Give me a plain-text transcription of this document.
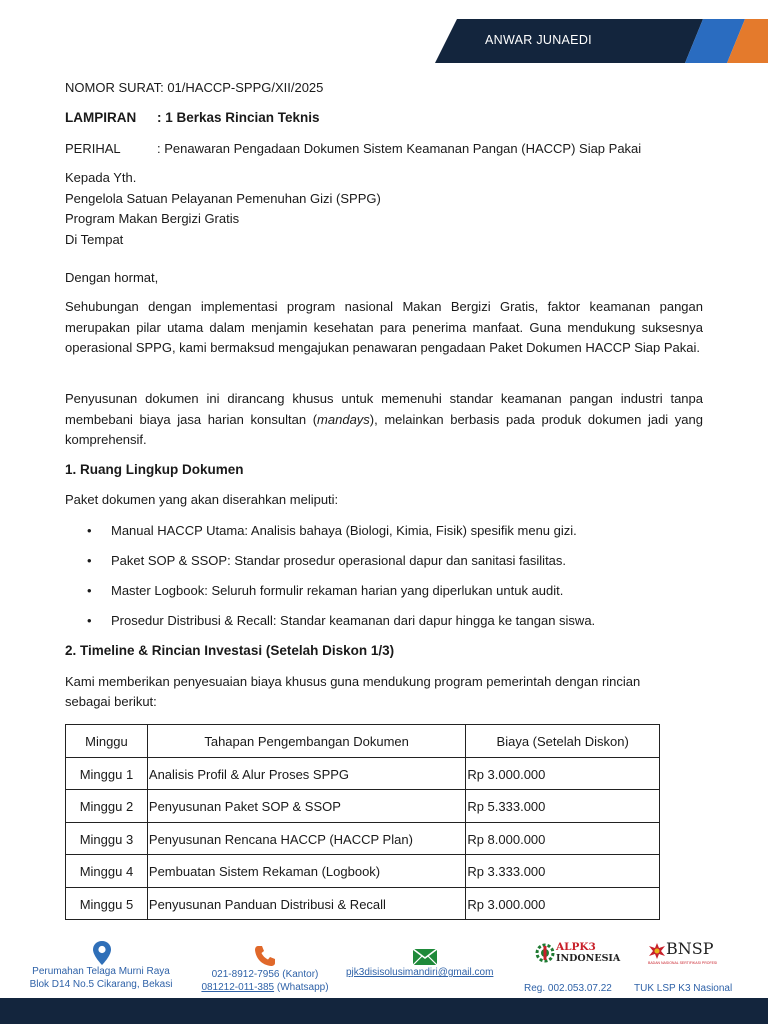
ANWAR JUNAEDI
NOMOR SURAT: 01/HACCP-SPPG/XII/2025
LAMPIRAN : 1 Berkas Rincian Teknis
PERIHAL	: Penawaran Pengadaan Dokumen Sistem Keamanan Pangan (HACCP) Siap Pakai
Kepada Yth.
Pengelola Satuan Pelayanan Pemenuhan Gizi (SPPG)
Program Makan Bergizi Gratis
Di Tempat
Dengan hormat,
Sehubungan dengan implementasi program nasional Makan Bergizi Gratis, faktor keamanan pangan merupakan pilar utama dalam menjamin kesehatan para penerima manfaat. Guna mendukung suksesnya operasional SPPG, kami bermaksud mengajukan penawaran pengadaan Paket Dokumen HACCP Siap Pakai.
Penyusunan dokumen ini dirancang khusus untuk memenuhi standar keamanan pangan industri tanpa membebani biaya jasa harian konsultan (mandays), melainkan berbasis pada produk dokumen jadi yang komprehensif.
1. Ruang Lingkup Dokumen
Paket dokumen yang akan diserahkan meliputi:
• Manual HACCP Utama: Analisis bahaya (Biologi, Kimia, Fisik) spesifik menu gizi.
• Paket SOP & SSOP: Standar prosedur operasional dapur dan sanitasi fasilitas.
• Master Logbook: Seluruh formulir rekaman harian yang diperlukan untuk audit.
• Prosedur Distribusi & Recall: Standar keamanan dari dapur hingga ke tangan siswa.
2. Timeline & Rincian Investasi (Setelah Diskon 1/3)
Kami memberikan penyesuaian biaya khusus guna mendukung program pemerintah dengan rincian
sebagai berikut:
Minggu	Tahapan Pengembangan Dokumen	Biaya (Setelah Diskon)
Minggu 1	Analisis Profil & Alur Proses SPPG	Rp 3.000.000
Minggu 2	Penyusunan Paket SOP & SSOP	Rp 5.333.000
Minggu 3	Penyusunan Rencana HACCP (HACCP Plan)	Rp 8.000.000
Minggu 4	Pembuatan Sistem Rekaman (Logbook)	Rp 3.333.000
Minggu 5	Penyusunan Panduan Distribusi & Recall	Rp 3.000.000
Perumahan Telaga Murni Raya
Blok D14 No.5 Cikarang, Bekasi
021-8912-7956 (Kantor)
081212-011-385 (Whatsapp)
pjk3disisolusimandiri@gmail.com
ALPK3
INDONESIA
Reg. 002.053.07.22
BNSP
BADAN NASIONAL SERTIFIKASI PROFESI
TUK LSP K3 Nasional
